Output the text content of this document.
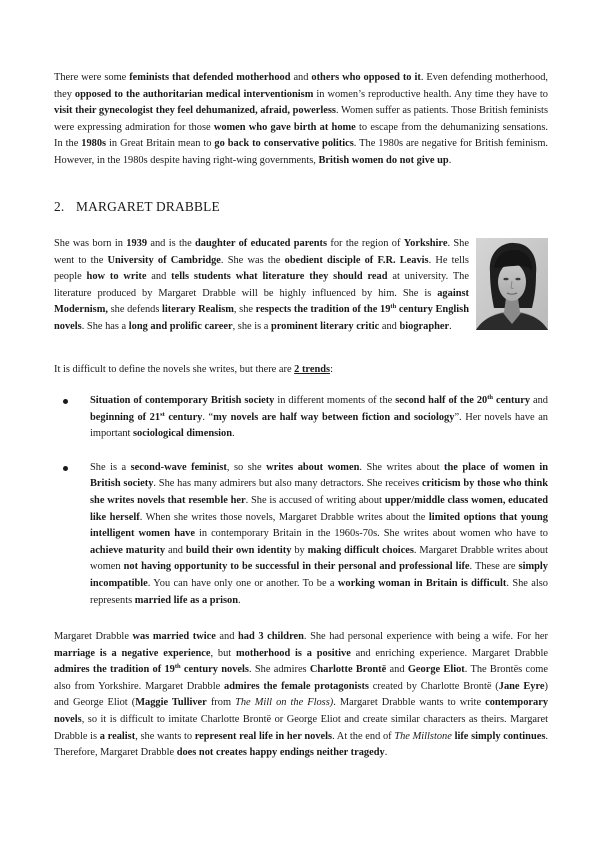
There were some feminists that defended motherhood and others who opposed to it. Even defending motherhood, they opposed to the authoritarian medical interventionism in women’s reproductive health. Any time they have to visit their gynecologist they feel dehumanized, afraid, powerless. Women suffer as patients. Those British feminists were expressing admiration for those women who gave birth at home to escape from the dehumanizing sensations. In the 1980s in Great Britain mean to go back to conservative politics. The 1980s are negative for British feminism. However, in the 1980s despite having right-wing governments, British women do not give up.

2. MARGARET DRABBLE

She was born in 1939 and is the daughter of educated parents for the region of Yorkshire. She went to the University of Cambridge. She was the obedient disciple of F.R. Leavis. He tells people how to write and tells students what literature they should read at university. The literature produced by Margaret Drabble will be highly influenced by him. She is against Modernism, she defends literary Realism, she respects the tradition of the 19th century English novels. She has a long and prolific career, she is a prominent literary critic and biographer.

It is difficult to define the novels she writes, but there are 2 trends:

Situation of contemporary British society in different moments of the second half of the 20th century and beginning of 21st century. “my novels are half way between fiction and sociology”. Her novels have an important sociological dimension.

She is a second-wave feminist, so she writes about women. She writes about the place of women in British society. She has many admirers but also many detractors. She receives criticism by those who think she writes novels that resemble her. She is accused of writing about upper/middle class women, educated like herself. When she writes those novels, Margaret Drabble writes about the limited options that young intelligent women have in contemporary Britain in the 1960s-70s. She writes about women who have to achieve maturity and build their own identity by making difficult choices. Margaret Drabble writes about women not having opportunity to be successful in their personal and professional life. These are simply incompatible. You can have only one or another. To be a working woman in Britain is difficult. She also represents married life as a prison.

Margaret Drabble was married twice and had 3 children. She had personal experience with being a wife. For her marriage is a negative experience, but motherhood is a positive and enriching experience. Margaret Drabble admires the tradition of 19th century novels. She admires Charlotte Brontë and George Eliot. The Brontës come also from Yorkshire. Margaret Drabble admires the female protagonists created by Charlotte Brontë (Jane Eyre) and George Eliot (Maggie Tulliver from The Mill on the Floss). Margaret Drabble wants to write contemporary novels, so it is difficult to imitate Charlotte Brontë or George Eliot and create similar characters as theirs. Margaret Drabble is a realist, she wants to represent real life in her novels. At the end of The Millstone life simply continues. Therefore, Margaret Drabble does not creates happy endings neither tragedy.
